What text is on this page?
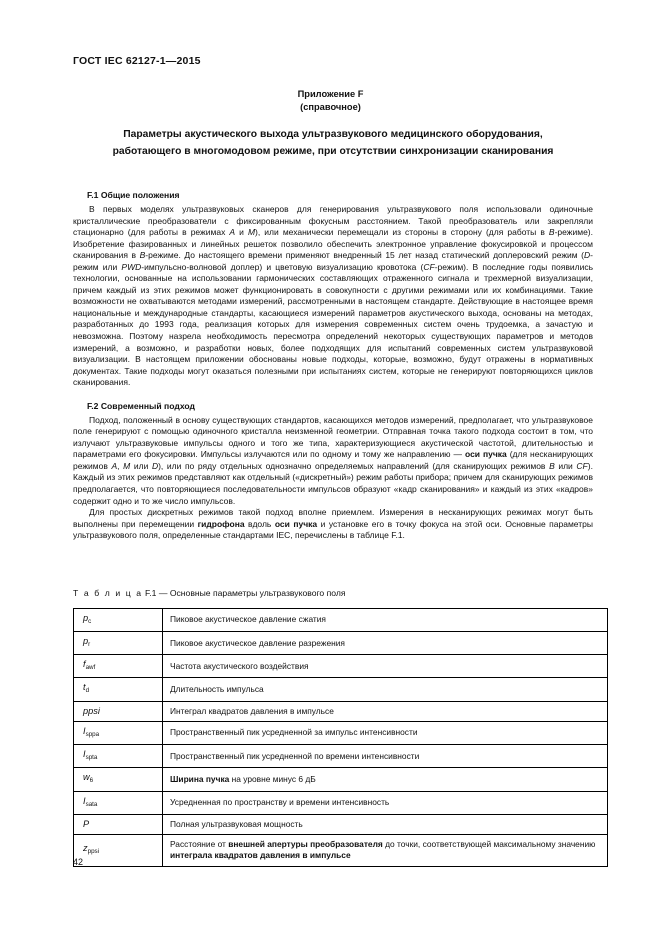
ГОСТ IEC 62127-1—2015
Приложение F
(справочное)
Параметры акустического выхода ультразвукового медицинского оборудования,
работающего в многомодовом режиме, при отсутствии синхронизации сканирования
F.1 Общие положения

В первых моделях ультразвуковых сканеров для генерирования ультразвукового поля использовали одиночные кристаллические преобразователи с фиксированным фокусным расстоянием. Такой преобразователь или закрепляли стационарно (для работы в режимах A и M), или механически перемещали из стороны в сторону (для работы в B-режиме). Изобретение фазированных и линейных решеток позволило обеспечить электронное управление фокусировкой и процессом сканирования в B-режиме. До настоящего времени применяют внедренный 15 лет назад статический доплеровский режим (D-режим или PWD-импульсно-волновой доплер) и цветовую визуализацию кровотока (CF-режим). В последние годы появились технологии, основанные на использовании гармонических составляющих отраженного сигнала и трехмерной визуализации, причем каждый из этих режимов может функционировать в совокупности с другими режимами или их комбинациями. Такие возможности не охватываются методами измерений, рассмотренными в настоящем стандарте. Действующие в настоящее время национальные и международные стандарты, касающиеся измерений параметров акустического выхода, основаны на методах, разработанных до 1993 года, реализация которых для измерения современных систем очень трудоемка, а зачастую и невозможна. Поэтому назрела необходимость пересмотра определений некоторых существующих параметров и методов измерений, а возможно, и разработки новых, более подходящих для испытаний современных систем ультразвуковой визуализации. В настоящем приложении обоснованы новые подходы, которые, возможно, будут отражены в нормативных документах. Такие подходы могут оказаться полезными при испытаниях систем, которые не генерируют повторяющихся циклов сканирования.

F.2 Современный подход

Подход, положенный в основу существующих стандартов, касающихся методов измерений, предполагает, что ультразвуковое поле генерируют с помощью одиночного кристалла неизменной геометрии. Отправная точка такого подхода состоит в том, что излучают ультразвуковые импульсы одного и того же типа, характеризующиеся акустической частотой, длительностью и параметрами его фокусировки. Импульсы излучаются или по одному и тому же направлению — оси пучка (для несканирующих режимов A, M или D), или по ряду отдельных однозначно определяемых направлений (для сканирующих режимов B или CF). Каждый из этих режимов представляют как отдельный («дискретный») режим работы прибора; причем для сканирующих режимов предполагается, что повторяющиеся последовательности импульсов образуют «кадр сканирования» и каждый из этих «кадров» содержит одно и то же число импульсов.

Для простых дискретных режимов такой подход вполне приемлем. Измерения в несканирующих режимах могут быть выполнены при перемещении гидрофона вдоль оси пучка и установке его в точку фокуса на этой оси. Основные параметры ультразвукового поля, определенные стандартами IEC, перечислены в таблице F.1.

Т а б л и ц а F.1 — Основные параметры ультразвукового поля
$p_c$	Пиковое акустическое давление сжатия
$p_r$	Пиковое акустическое давление разрежения
$f_{awf}$	Частота акустического воздействия
$t_d$	Длительность импульса
ppsi	Интеграл квадратов давления в импульсе
$I_{sppa}$	Пространственный пик усредненной за импульс интенсивности
$I_{spta}$	Пространственный пик усредненной по времени интенсивности
$w_6$	Ширина пучка на уровне минус 6 дБ
$I_{sata}$	Усредненная по пространству и времени интенсивность
P	Полная ультразвуковая мощность
$z_{ppsi}$	Расстояние от внешней апертуры преобразователя до точки, соответствующей максимальному значению интеграла квадратов давления в импульсе
42
